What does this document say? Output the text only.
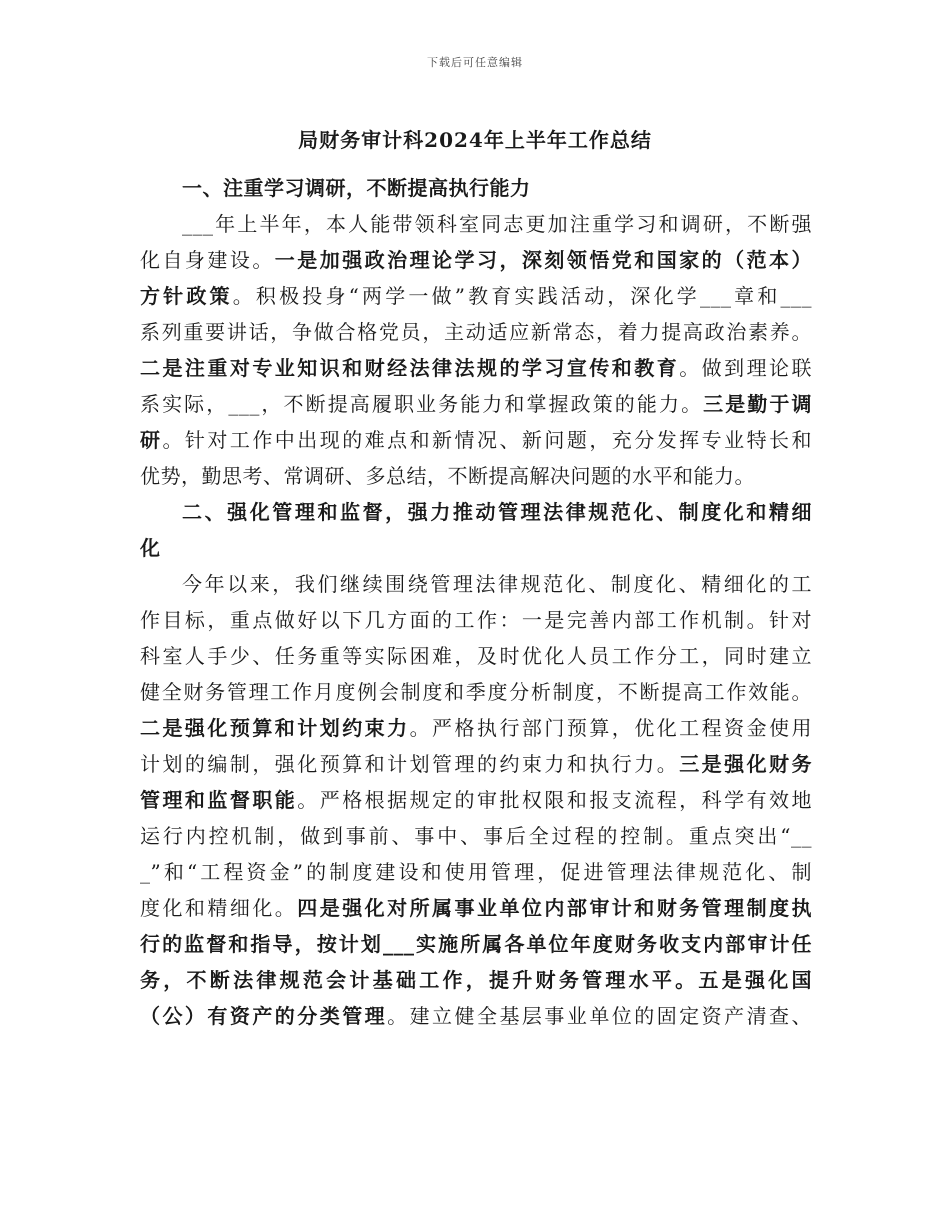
下载后可任意编辑
局财务审计科2024年上半年工作总结
一、注重学习调研，不断提高执行能力
___年上半年，本人能带领科室同志更加注重学习和调研，不断强
化自身建设。一是加强政治理论学习，深刻领悟党和国家的（范本）
方针政策。积极投身“两学一做”教育实践活动，深化学___章和___
系列重要讲话，争做合格党员，主动适应新常态，着力提高政治素养。
二是注重对专业知识和财经法律法规的学习宣传和教育。做到理论联
系实际，___，不断提高履职业务能力和掌握政策的能力。三是勤于调
研。针对工作中出现的难点和新情况、新问题，充分发挥专业特长和
优势，勤思考、常调研、多总结，不断提高解决问题的水平和能力。
二、强化管理和监督，强力推动管理法律规范化、制度化和精细
化
今年以来，我们继续围绕管理法律规范化、制度化、精细化的工
作目标，重点做好以下几方面的工作：一是完善内部工作机制。针对
科室人手少、任务重等实际困难，及时优化人员工作分工，同时建立
健全财务管理工作月度例会制度和季度分析制度，不断提高工作效能。
二是强化预算和计划约束力。严格执行部门预算，优化工程资金使用
计划的编制，强化预算和计划管理的约束力和执行力。三是强化财务
管理和监督职能。严格根据规定的审批权限和报支流程，科学有效地
运行内控机制，做到事前、事中、事后全过程的控制。重点突出“__
_”和“工程资金”的制度建设和使用管理，促进管理法律规范化、制
度化和精细化。四是强化对所属事业单位内部审计和财务管理制度执
行的监督和指导，按计划___实施所属各单位年度财务收支内部审计任
务，不断法律规范会计基础工作，提升财务管理水平。五是强化国
（公）有资产的分类管理。建立健全基层事业单位的固定资产清查、
